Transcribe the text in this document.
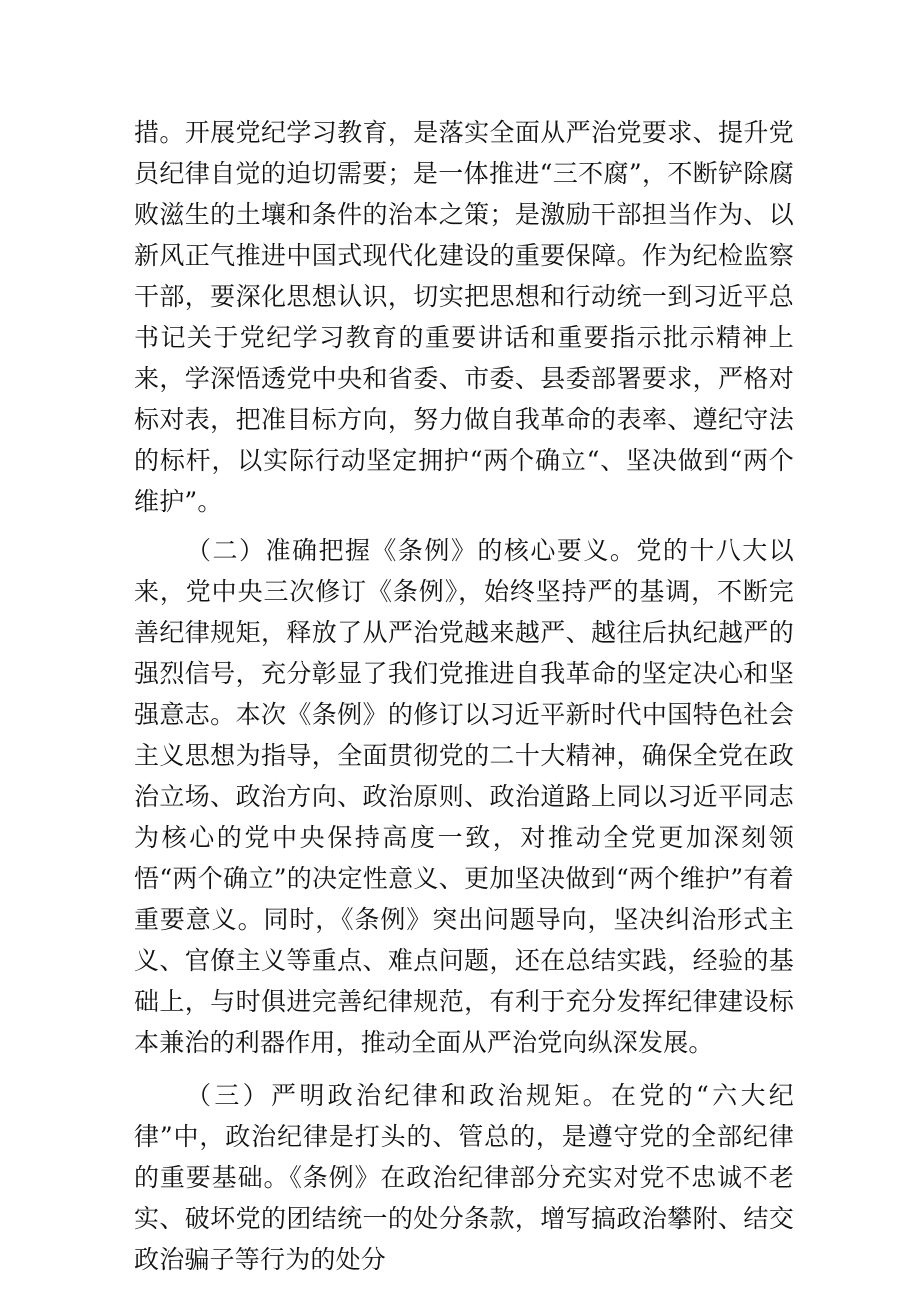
措。开展党纪学习教育，是落实全面从严治党要求、提升党员纪律自觉的迫切需要；是一体推进“三不腐”，不断铲除腐败滋生的土壤和条件的治本之策；是激励干部担当作为、以新风正气推进中国式现代化建设的重要保障。作为纪检监察干部，要深化思想认识，切实把思想和行动统一到习近平总书记关于党纪学习教育的重要讲话和重要指示批示精神上来，学深悟透党中央和省委、市委、县委部署要求，严格对标对表，把准目标方向，努力做自我革命的表率、遵纪守法的标杆，以实际行动坚定拥护“两个确立“、坚决做到“两个维护”。

（二）准确把握《条例》的核心要义。党的十八大以来，党中央三次修订《条例》，始终坚持严的基调，不断完善纪律规矩，释放了从严治党越来越严、越往后执纪越严的强烈信号，充分彰显了我们党推进自我革命的坚定决心和坚强意志。本次《条例》的修订以习近平新时代中国特色社会主义思想为指导，全面贯彻党的二十大精神，确保全党在政治立场、政治方向、政治原则、政治道路上同以习近平同志为核心的党中央保持高度一致，对推动全党更加深刻领悟“两个确立”的决定性意义、更加坚决做到“两个维护”有着重要意义。同时，《条例》突出问题导向，坚决纠治形式主义、官僚主义等重点、难点问题，还在总结实践，经验的基础上，与时俱进完善纪律规范，有利于充分发挥纪律建设标本兼治的利器作用，推动全面从严治党向纵深发展。

（三）严明政治纪律和政治规矩。在党的“六大纪律”中，政治纪律是打头的、管总的，是遵守党的全部纪律的重要基础。《条例》在政治纪律部分充实对党不忠诚不老实、破坏党的团结统一的处分条款，增写搞政治攀附、结交政治骗子等行为的处分
